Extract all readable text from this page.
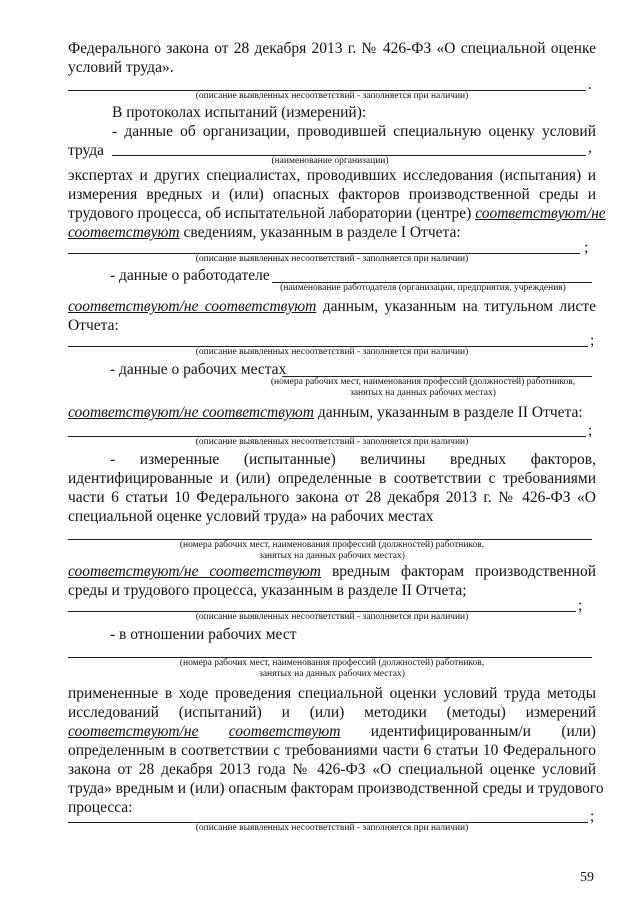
Федерального закона от 28 декабря 2013 г. № 426-ФЗ «О специальной оценке
условий труда».
.
(описание выявленных несоответствий - заполняется при наличии)
В протоколах испытаний (измерений):
- данные об организации, проводившей специальную оценку условий
труда	,
(наименование организации)
экспертах и других специалистах, проводивших исследования (испытания) и
измерения вредных и (или) опасных факторов производственной среды и
трудового процесса, об испытательной лаборатории (центре) соответствуют/не
соответствуют сведениям, указанным в разделе I Отчета:
;
(описание выявленных несоответствий - заполняется при наличии)
- данные о работодателе
(наименование работодателя (организации, предприятия, учреждения)
соответствуют/не соответствуют данным, указанным на титульном листе
Отчета:
;
(описание выявленных несоответствий - заполняется при наличии)
- данные о рабочих местах
(номера рабочих мест, наименования профессий (должностей) работников,
занятых на данных рабочих местах)
соответствуют/не соответствуют данным, указанным в разделе II Отчета:
;
(описание выявленных несоответствий - заполняется при наличии)
- измеренные (испытанные) величины вредных факторов,
идентифицированные и (или) определенные в соответствии с требованиями
части 6 статьи 10 Федерального закона от 28 декабря 2013 г. № 426-ФЗ «О
специальной оценке условий труда» на рабочих местах
(номера рабочих мест, наименования профессий (должностей) работников,
занятых на данных рабочих местах)
соответствуют/не соответствуют вредным факторам производственной
среды и трудового процесса, указанным в разделе II Отчета;
;
(описание выявленных несоответствий - заполняется при наличии)
- в отношении рабочих мест
(номера рабочих мест, наименования профессий (должностей) работников,
занятых на данных рабочих местах)
примененные в ходе проведения специальной оценки условий труда методы
исследований (испытаний) и (или) методики (методы) измерений
соответствуют/не соответствуют идентифицированным/и (или)
определенным в соответствии с требованиями части 6 статьи 10 Федерального
закона от 28 декабря 2013 года № 426-ФЗ «О специальной оценке условий
труда» вредным и (или) опасным факторам производственной среды и трудового
процесса:
;
(описание выявленных несоответствий - заполняется при наличии)
59
